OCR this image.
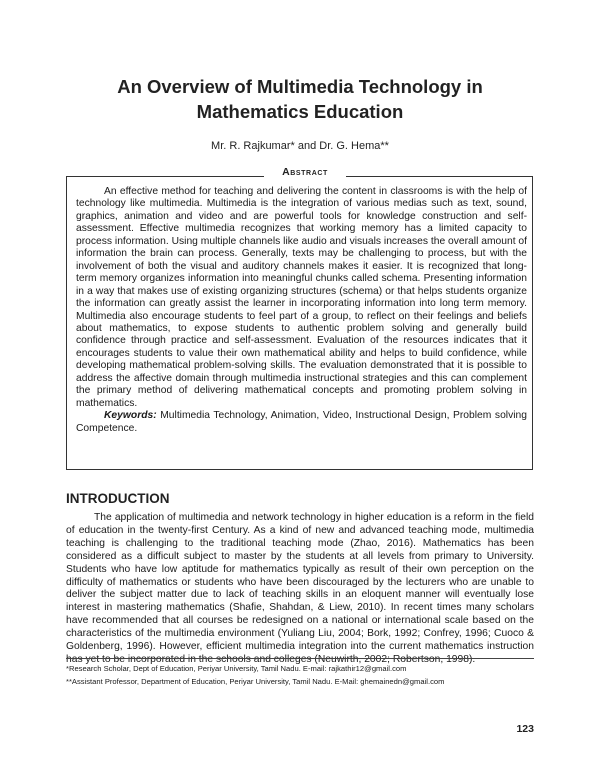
An Overview of Multimedia Technology in
Mathematics Education
Mr. R. Rajkumar* and Dr. G. Hema**
Abstract

An effective method for teaching and delivering the content in classrooms is with the help of technology like multimedia. Multimedia is the integration of various medias such as text, sound, graphics, animation and video and are powerful tools for knowledge construction and self-assessment. Effective multimedia recognizes that working memory has a limited capacity to process information. Using multiple channels like audio and visuals increases the overall amount of information the brain can process. Generally, texts may be challenging to process, but with the involvement of both the visual and auditory channels makes it easier. It is recognized that long-term memory organizes information into meaningful chunks called schema. Presenting information in a way that makes use of existing organizing structures (schema) or that helps students organize the information can greatly assist the learner in incorporating information into long term memory. Multimedia also encourage students to feel part of a group, to reflect on their feelings and beliefs about mathematics, to expose students to authentic problem solving and generally build confidence through practice and self-assessment. Evaluation of the resources indicates that it encourages students to value their own mathematical ability and helps to build confidence, while developing mathematical problem-solving skills. The evaluation demonstrated that it is possible to address the affective domain through multimedia instructional strategies and this can complement the primary method of delivering mathematical concepts and promoting problem solving in mathematics.

Keywords: Multimedia Technology, Animation, Video, Instructional Design, Problem solving Competence.

INTRODUCTION

The application of multimedia and network technology in higher education is a reform in the field of education in the twenty-first Century. As a kind of new and advanced teaching mode, multimedia teaching is challenging to the traditional teaching mode (Zhao, 2016). Mathematics has been considered as a difficult subject to master by the students at all levels from primary to University. Students who have low aptitude for mathematics typically as result of their own perception on the difficulty of mathematics or students who have been discouraged by the lecturers who are unable to deliver the subject matter due to lack of teaching skills in an eloquent manner will eventually lose interest in mastering mathematics (Shafie, Shahdan, & Liew, 2010). In recent times many scholars have recommended that all courses be redesigned on a national or international scale based on the characteristics of the multimedia environment (Yuliang Liu, 2004; Bork, 1992; Confrey, 1996; Cuoco & Goldenberg, 1996). However, efficient multimedia integration into the current mathematics instruction has yet to be incorporated in the schools and colleges (Neuwirth, 2002; Robertson, 1998).

*Research Scholar, Dept of Education, Periyar University, Tamil Nadu. E-mail: rajkathir12@gmail.com
**Assistant Professor, Department of Education, Periyar University, Tamil Nadu. E-Mail: ghemainedn@gmail.com
123
